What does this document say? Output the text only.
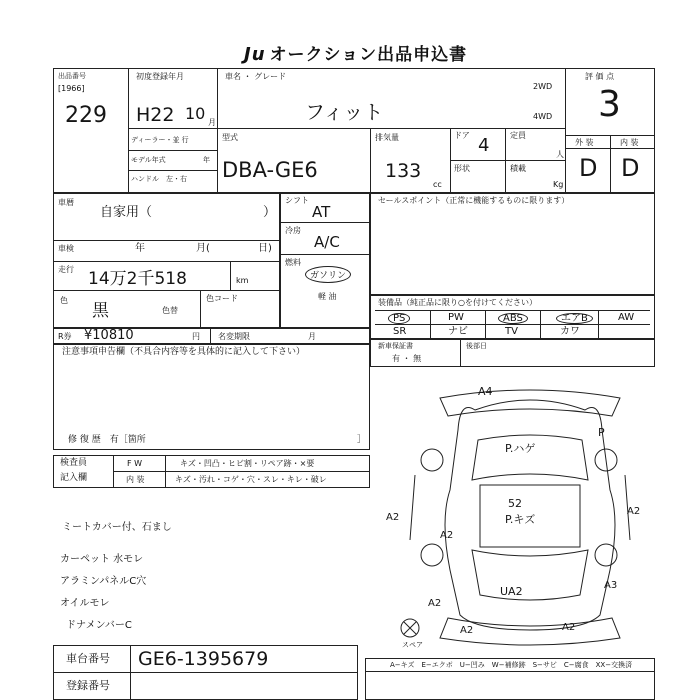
Ju オークション出品申込書
出品番号
[1966]
229
初度登録年月
H22 10 月
ディーラー・並 行
モデル年式	年
ハンドル　左・右
車名 ・ グレード
フィット
型式
DBA-GE6
排気量
133
cc
ドア 4
形状
定員
人
積載
Kg
2WD
4WD
評 価 点
3
外 装	内 装
D D
車暦
自家用（	）
車検	年	月(	日)
走行 14万2千518	km
色
黒	色替
色コード
シフト
AT
冷房
A/C
燃料
ガソリン
軽 油
セールスポイント（正常に機能するものに限ります）
装備品（純正品に限り○を付けてください）
PS	PW	ABS	エアB	AW
SR	ナビ	TV	カワ
新車保証書
有 ・ 無
後部日
R券 ¥10810	円 名変期限	月
注意事項申告欄（不具合内容等を具体的に記入して下さい）
修 復 歴　有［箇所	］
検査員
記入欄
F W	キズ・凹凸・ヒビ割・リペア跡・×要
内 装	キズ・汚れ・コゲ・穴・スレ・キレ・破レ
ミートカバー付、石まし
カーペット 水モレ
アラミンパネルC穴
オイルモレ
ドナメンバーC
A4
P.ハゲ
P
52
P.キズ
A2
A2
A2
UA2	A3
A2
A2	A2
スペア
車台番号 GE6-1395679
登録番号
A−キズ　E−エクボ　U−凹み　W−補修跡　S−サビ　C−腐食　XX−交換済
